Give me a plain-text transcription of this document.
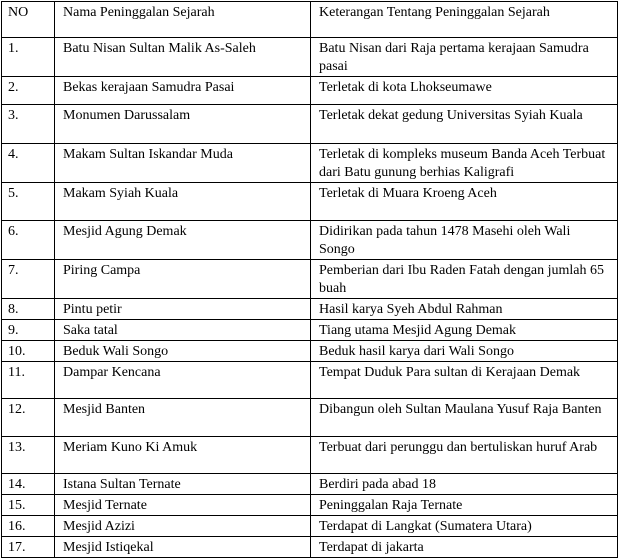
NO	Nama Peninggalan Sejarah	Keterangan Tentang Peninggalan Sejarah
1.	Batu Nisan Sultan Malik As-Saleh	Batu Nisan dari Raja pertama kerajaan Samudra pasai
2.	Bekas kerajaan Samudra Pasai	Terletak di kota Lhokseumawe
3.	Monumen Darussalam	Terletak dekat gedung Universitas Syiah Kuala
4.	Makam Sultan Iskandar Muda	Terletak di kompleks museum Banda Aceh Terbuat dari Batu gunung berhias Kaligrafi
5.	Makam Syiah Kuala	Terletak di Muara Kroeng Aceh
6.	Mesjid Agung Demak	Didirikan pada tahun 1478 Masehi oleh Wali Songo
7.	Piring Campa	Pemberian dari Ibu Raden Fatah dengan jumlah 65 buah
8.	Pintu petir	Hasil karya Syeh Abdul Rahman
9.	Saka tatal	Tiang utama Mesjid Agung Demak
10.	Beduk Wali Songo	Beduk hasil karya dari Wali Songo
11.	Dampar Kencana	Tempat Duduk Para sultan di Kerajaan Demak
12.	Mesjid Banten	Dibangun oleh Sultan Maulana Yusuf Raja Banten
13.	Meriam Kuno Ki Amuk	Terbuat dari perunggu dan bertuliskan huruf Arab
14.	Istana Sultan Ternate	Berdiri pada abad 18
15.	Mesjid Ternate	Peninggalan Raja Ternate
16.	Mesjid Azizi	Terdapat di Langkat (Sumatera Utara)
17.	Mesjid Istiqekal	Terdapat di jakarta
